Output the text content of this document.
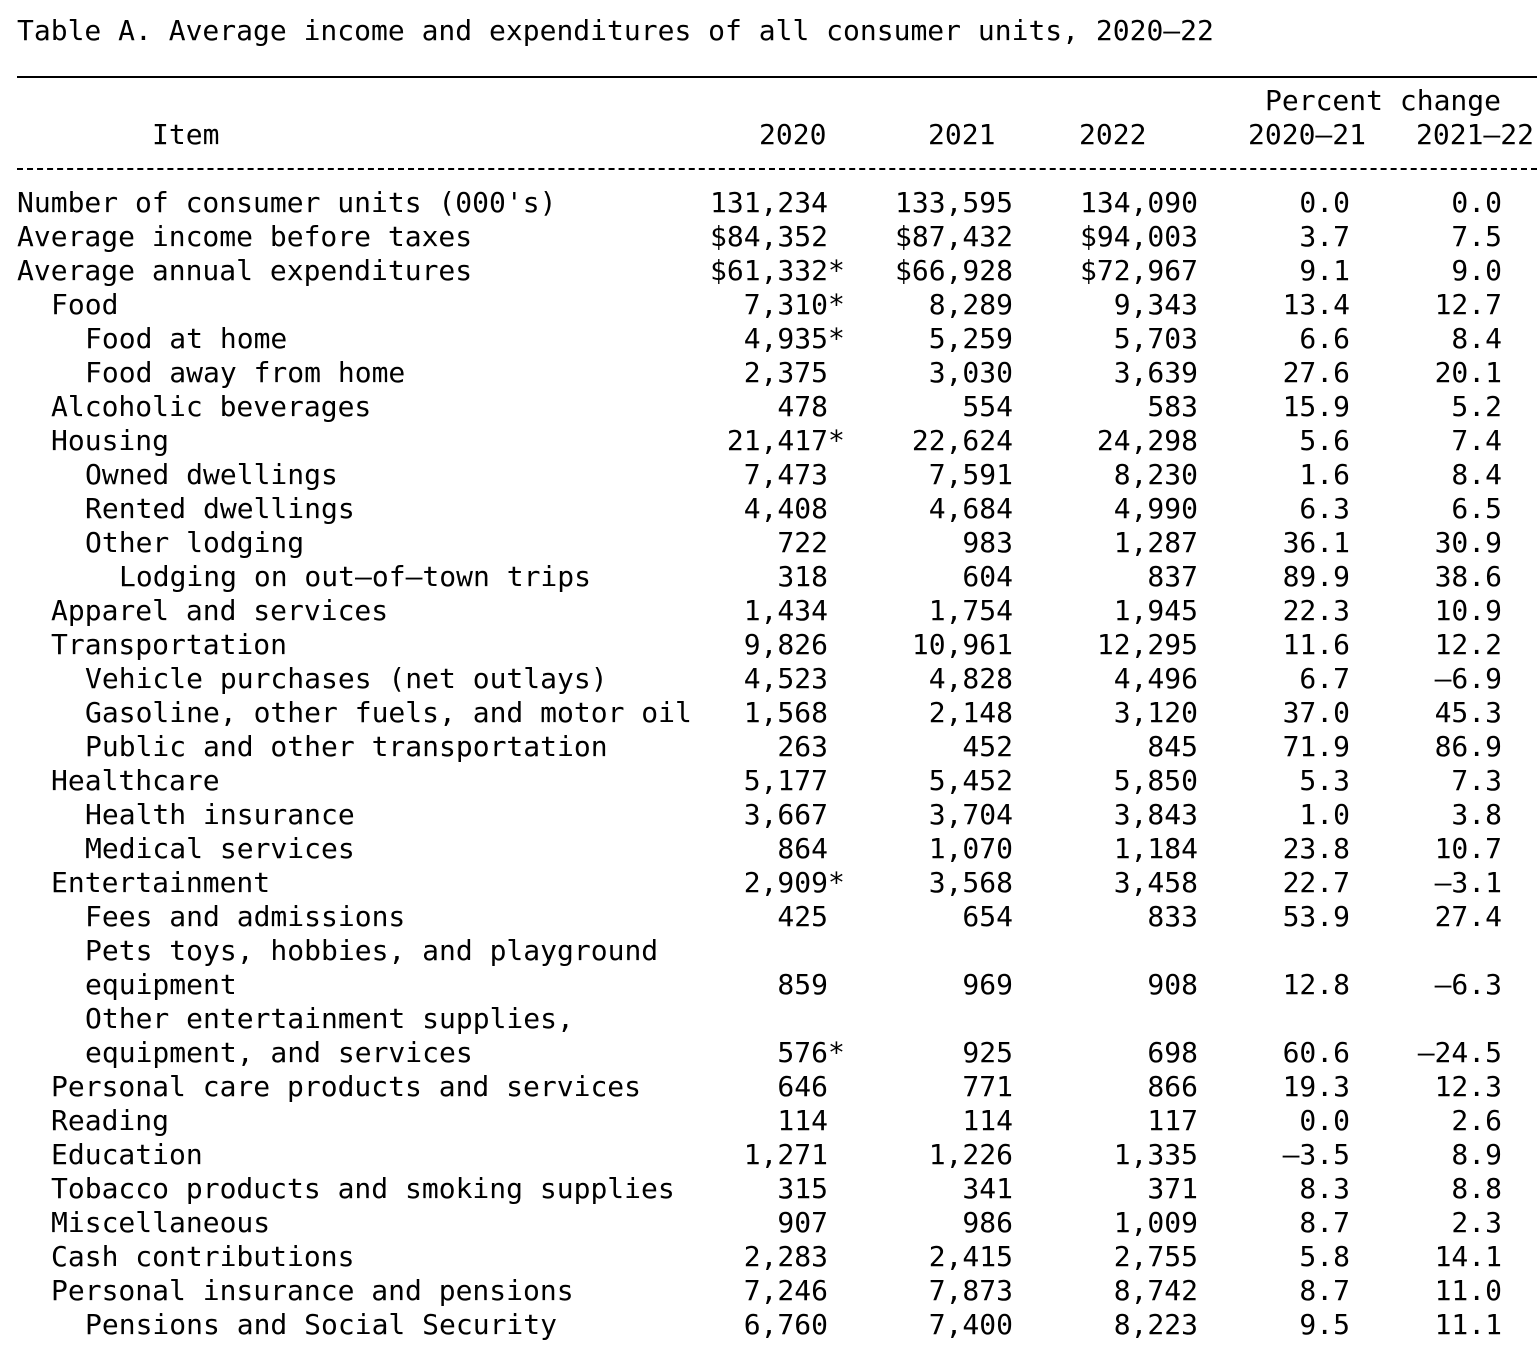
Table A. Average income and expenditures of all consumer units, 2020–22
Percent change
Item	2020	2021	2022	2020–21 2021–22
Number of consumer units (000's)	131,234 133,595 134,090	0.0	0.0
Average income before taxes	$84,352 $87,432 $94,003	3.7	7.5
Average annual expenditures	$61,332* $66,928 $72,967	9.1	9.0
Food	7,310*	8,289	9,343	13.4	12.7
Food at home	4,935*	5,259	5,703	6.6	8.4
Food away from home	2,375	3,030	3,639	27.6	20.1
Alcoholic beverages	478	554	583	15.9	5.2
Housing	21,417* 22,624	24,298	5.6	7.4
Owned dwellings	7,473	7,591	8,230	1.6	8.4
Rented dwellings	4,408	4,684	4,990	6.3	6.5
Other lodging	722	983	1,287	36.1	30.9
Lodging on out–of–town trips	318	604	837	89.9	38.6
Apparel and services	1,434	1,754	1,945	22.3	10.9
Transportation	9,826	10,961	12,295	11.6	12.2
Vehicle purchases (net outlays)	4,523	4,828	4,496	6.7	–6.9
Gasoline, other fuels, and motor oil 1,568	2,148	3,120	37.0	45.3
Public and other transportation	263	452	845	71.9	86.9
Healthcare	5,177	5,452	5,850	5.3	7.3
Health insurance	3,667	3,704	3,843	1.0	3.8
Medical services	864	1,070	1,184	23.8	10.7
Entertainment	2,909*	3,568	3,458	22.7	–3.1
Fees and admissions	425	654	833	53.9	27.4
Pets toys, hobbies, and playground
equipment	859	969	908	12.8	–6.3
Other entertainment supplies,
equipment, and services	576*	925	698	60.6 –24.5
Personal care products and services	646	771	866	19.3	12.3
Reading	114	114	117	0.0	2.6
Education	1,271	1,226	1,335	–3.5	8.9
Tobacco products and smoking supplies	315	341	371	8.3	8.8
Miscellaneous	907	986	1,009	8.7	2.3
Cash contributions	2,283	2,415	2,755	5.8	14.1
Personal insurance and pensions	7,246	7,873	8,742	8.7	11.0
Pensions and Social Security	6,760	7,400	8,223	9.5	11.1
